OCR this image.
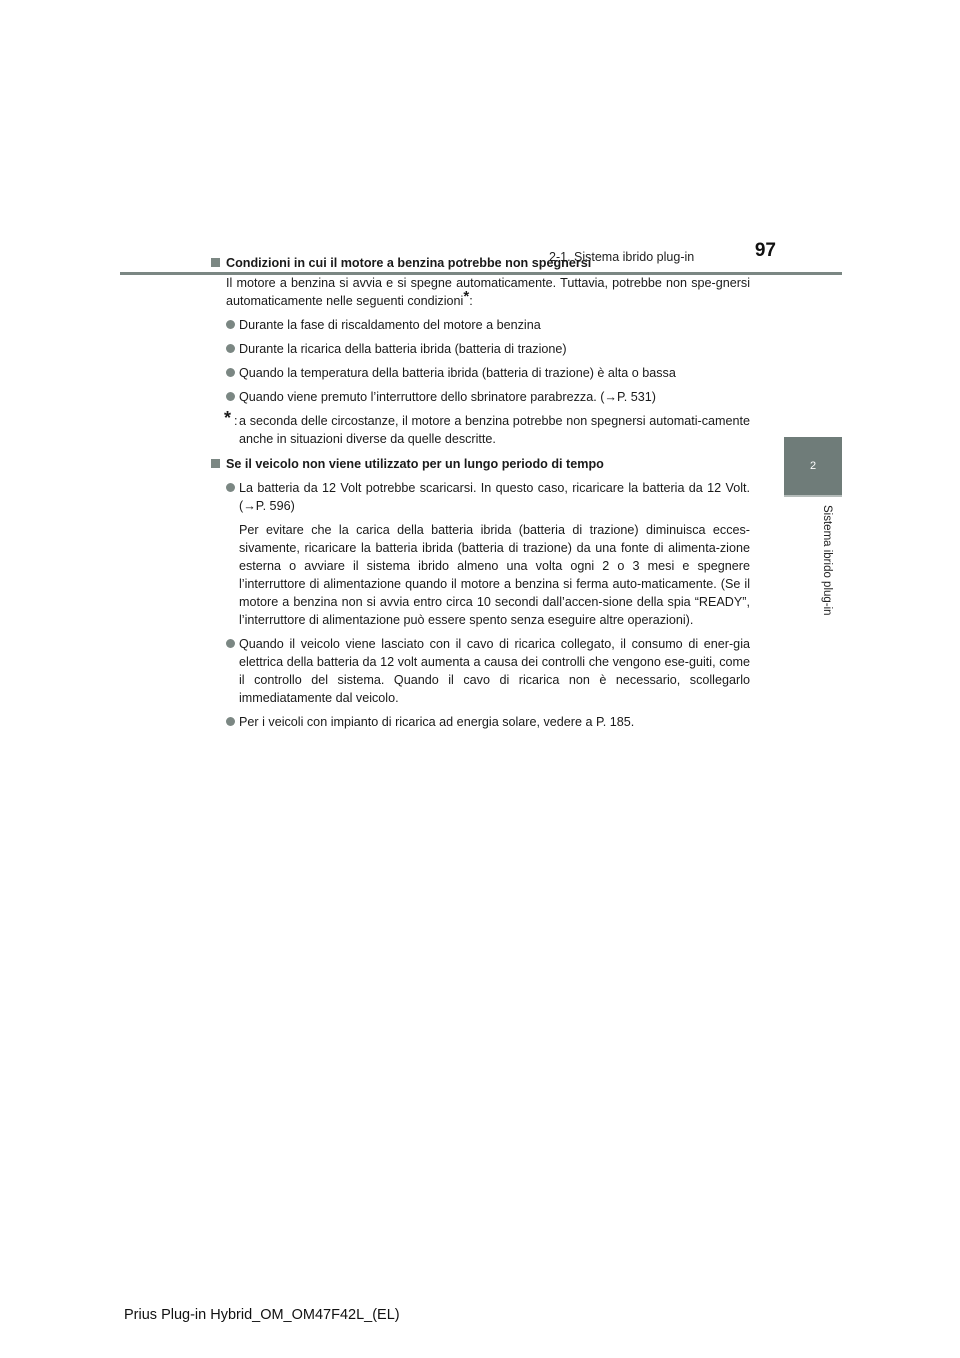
2-1. Sistema ibrido plug-in	97
2
Sistema ibrido plug-in
Condizioni in cui il motore a benzina potrebbe non spegnersi
Il motore a benzina si avvia e si spegne automaticamente. Tuttavia, potrebbe non spe-gnersi automaticamente nelle seguenti condizioni*:
Durante la fase di riscaldamento del motore a benzina
Durante la ricarica della batteria ibrida (batteria di trazione)
Quando la temperatura della batteria ibrida (batteria di trazione) è alta o bassa
Quando viene premuto l’interruttore dello sbrinatore parabrezza. (→P. 531)
* : a seconda delle circostanze, il motore a benzina potrebbe non spegnersi automati-camente anche in situazioni diverse da quelle descritte.
Se il veicolo non viene utilizzato per un lungo periodo di tempo
La batteria da 12 Volt potrebbe scaricarsi. In questo caso, ricaricare la batteria da 12 Volt. (→P. 596)
Per evitare che la carica della batteria ibrida (batteria di trazione) diminuisca ecces-sivamente, ricaricare la batteria ibrida (batteria di trazione) da una fonte di alimenta-zione esterna o avviare il sistema ibrido almeno una volta ogni 2 o 3 mesi e spegnere l’interruttore di alimentazione quando il motore a benzina si ferma auto-maticamente. (Se il motore a benzina non si avvia entro circa 10 secondi dall’accen-sione della spia “READY”, l’interruttore di alimentazione può essere spento senza eseguire altre operazioni).
Quando il veicolo viene lasciato con il cavo di ricarica collegato, il consumo di ener-gia elettrica della batteria da 12 volt aumenta a causa dei controlli che vengono ese-guiti, come il controllo del sistema. Quando il cavo di ricarica non è necessario, scollegarlo immediatamente dal veicolo.
Per i veicoli con impianto di ricarica ad energia solare, vedere a P. 185.
Prius Plug-in Hybrid_OM_OM47F42L_(EL)
